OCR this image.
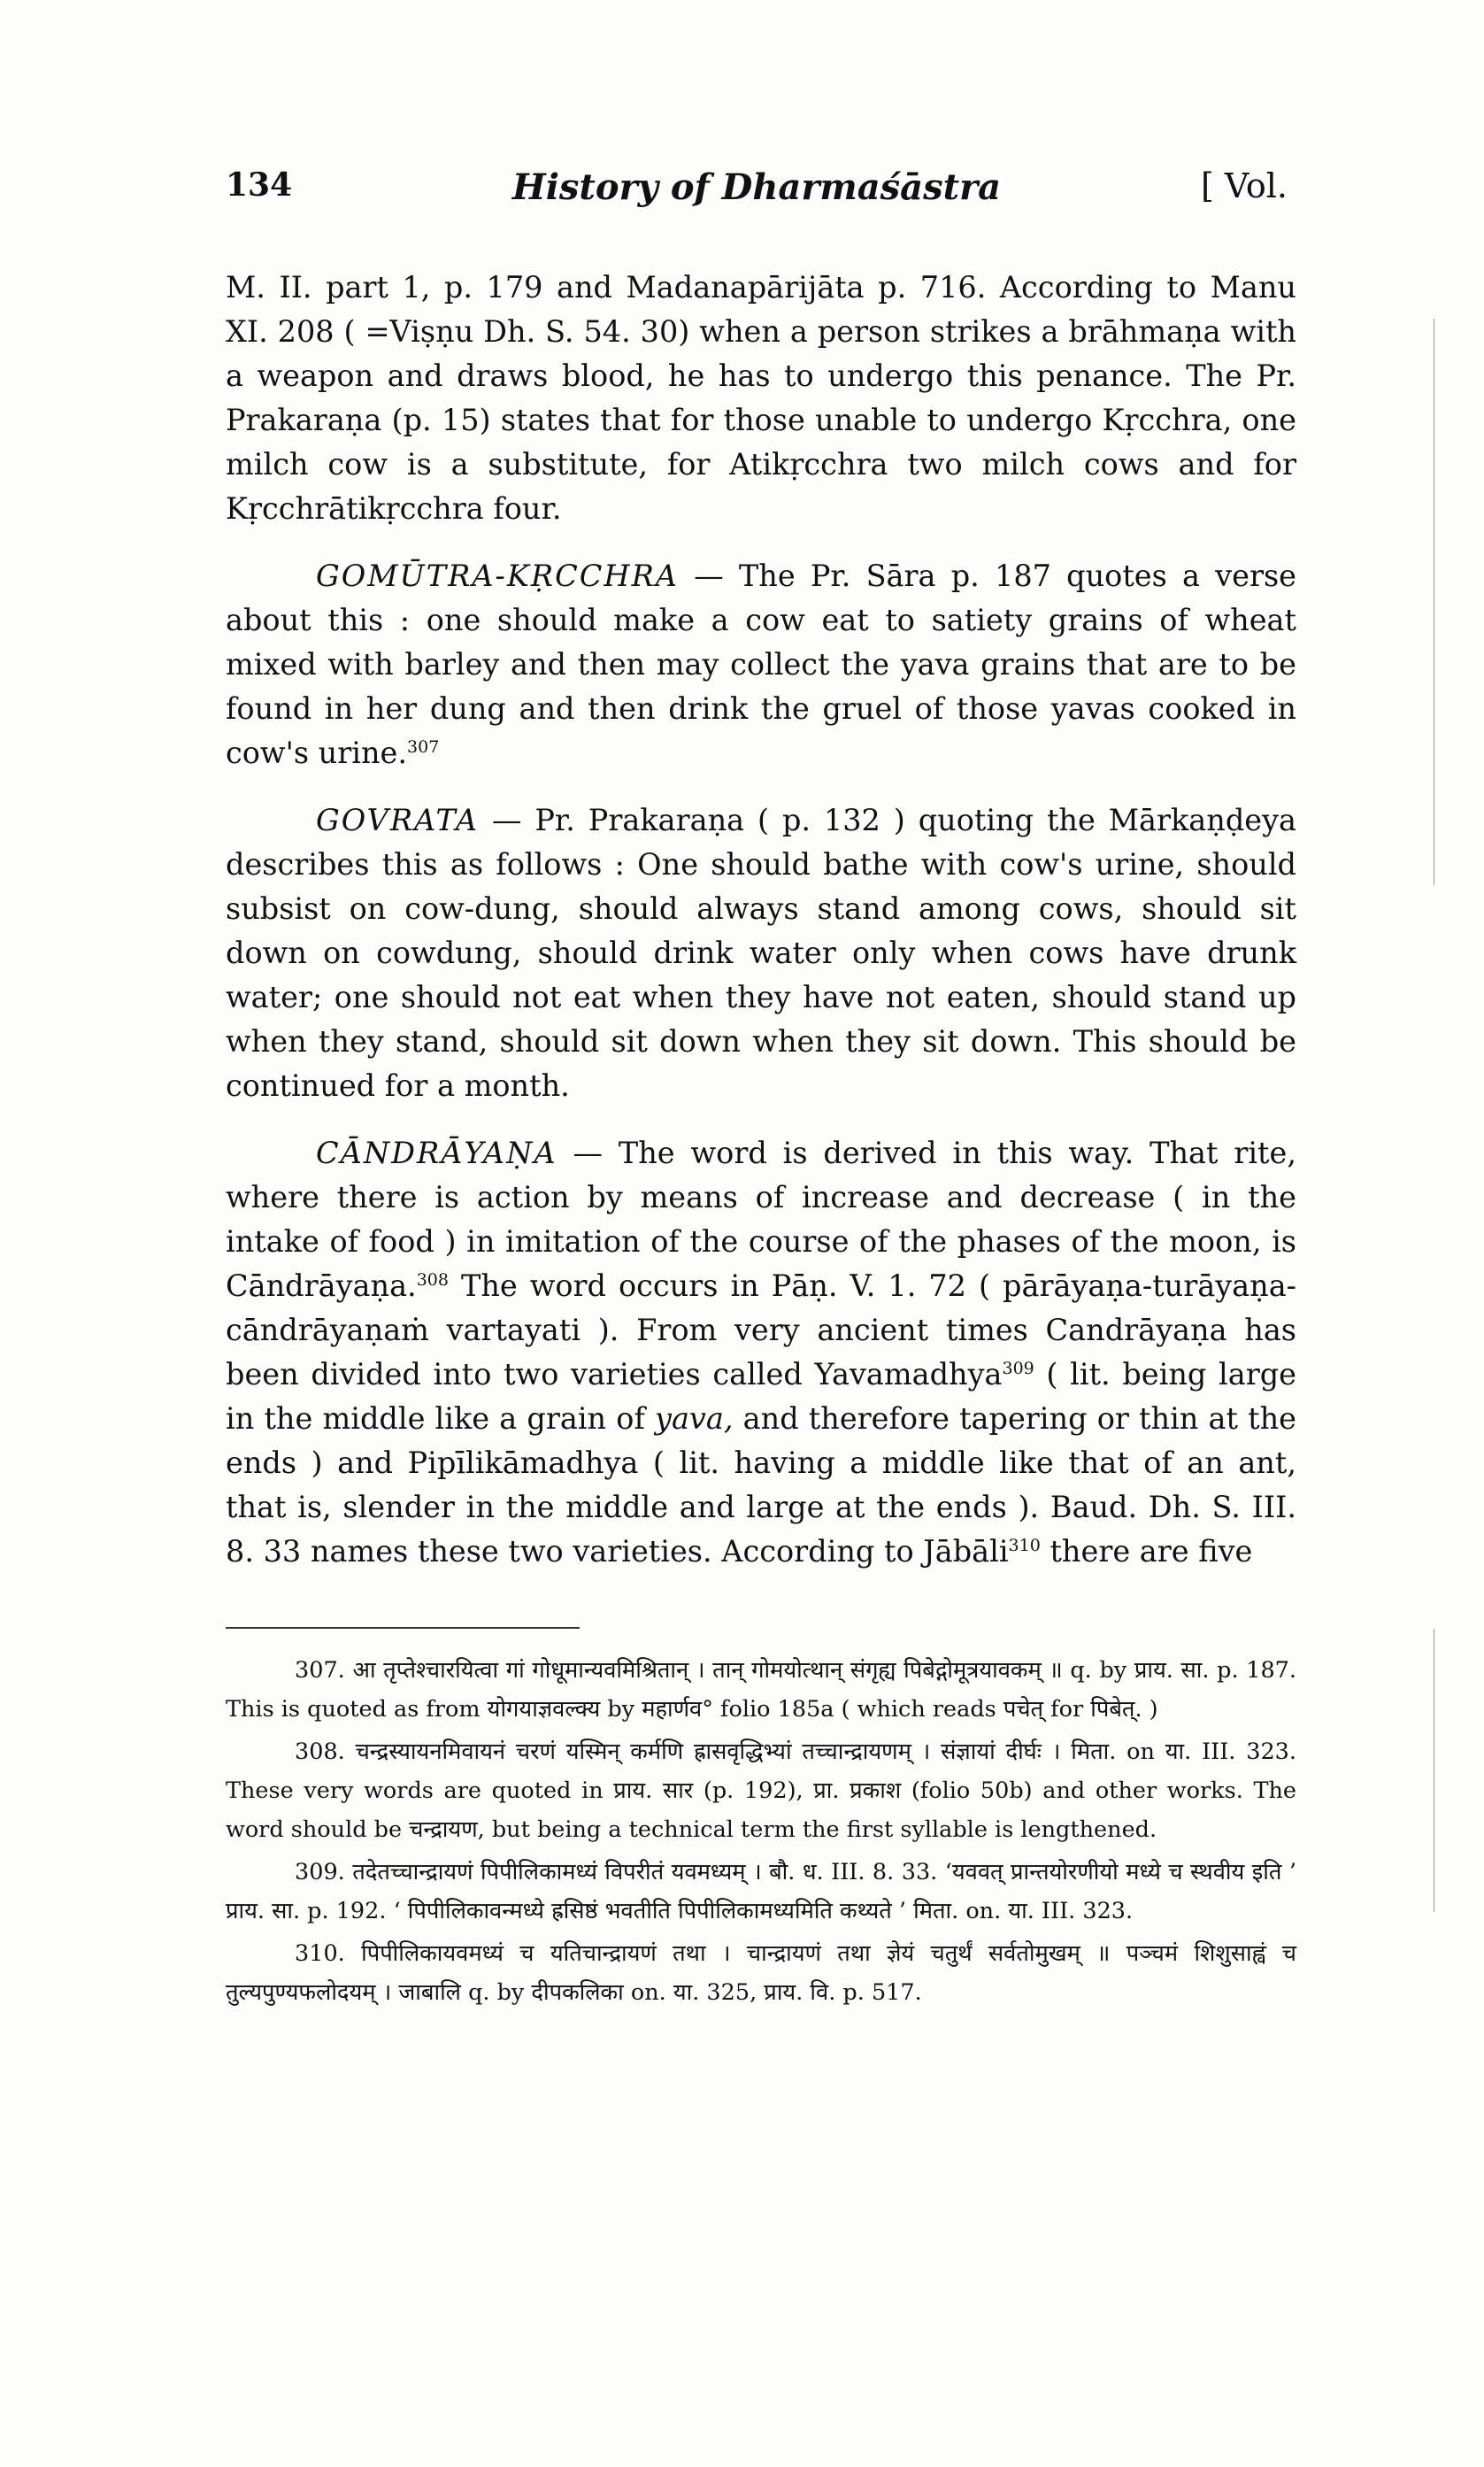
134	History of Dharmaśāstra	[ Vol.

M. II. part 1, p. 179 and Madanapārijāta p. 716. According to Manu XI. 208 ( =Viṣṇu Dh. S. 54. 30) when a person strikes a brāhmaṇa with a weapon and draws blood, he has to undergo this penance. The Pr. Prakaraṇa (p. 15) states that for those unable to undergo Kṛcchra, one milch cow is a substitute, for Atikṛcchra two milch cows and for Kṛcchrātikṛcchra four.

GOMŪTRA-KṚCCHRA — The Pr. Sāra p. 187 quotes a verse about this : one should make a cow eat to satiety grains of wheat mixed with barley and then may collect the yava grains that are to be found in her dung and then drink the gruel of those yavas cooked in cow's urine.$^{307}$

GOVRATA — Pr. Prakaraṇa ( p. 132 ) quoting the Mārkaṇḍeya describes this as follows : One should bathe with cow's urine, should subsist on cow-dung, should always stand among cows, should sit down on cowdung, should drink water only when cows have drunk water; one should not eat when they have not eaten, should stand up when they stand, should sit down when they sit down. This should be continued for a month.

CĀNDRĀYAṆA — The word is derived in this way. That rite, where there is action by means of increase and decrease ( in the intake of food ) in imitation of the course of the phases of the moon, is Cāndrāyaṇa.$^{308}$ The word occurs in Pāṇ. V. 1. 72 ( pārāyaṇa-turāyaṇa-cāndrāyaṇaṁ vartayati ). From very ancient times Candrāyaṇa has been divided into two varieties called Yavamadhya$^{309}$ ( lit. being large in the middle like a grain of yava, and therefore tapering or thin at the ends ) and Pipīlikāmadhya ( lit. having a middle like that of an ant, that is, slender in the middle and large at the ends ). Baud. Dh. S. III. 8. 33 names these two varieties. According to Jābāli$^{310}$ there are five

307. आ तृप्तेश्चारयित्वा गां गोधूमान्यवमिश्रितान् । तान् गोमयोत्थान् संगृह्य पिबेद्गोमूत्रयावकम् ॥ q. by प्राय. सा. p. 187. This is quoted as from योगयाज्ञवल्क्य by महार्णव° folio 185a ( which reads पचेत् for पिबेत्. )

308. चन्द्रस्यायनमिवायनं चरणं यस्मिन् कर्मणि ह्रासवृद्धिभ्यां तच्चान्द्रायणम् । संज्ञायां दीर्घः । मिता. on या. III. 323. These very words are quoted in प्राय. सार (p. 192), प्रा. प्रकाश (folio 50b) and other works. The word should be चन्द्रायण, but being a technical term the first syllable is lengthened.

309. तदेतच्चान्द्रायणं पिपीलिकामध्यं विपरीतं यवमध्यम् । बौ. ध. III. 8. 33. ‘यववत् प्रान्तयोरणीयो मध्ये च स्थवीय इति ’ प्राय. सा. p. 192. ‘ पिपीलिकावन्मध्ये ह्रसिष्ठं भवतीति पिपीलिकामध्यमिति कथ्यते ’ मिता. on. या. III. 323.

310. पिपीलिकायवमध्यं च यतिचान्द्रायणं तथा । चान्द्रायणं तथा ज्ञेयं चतुर्थं सर्वतोमुखम् ॥ पञ्चमं शिशुसाह्वं च तुल्यपुण्यफलोदयम् । जाबालि q. by दीपकलिका on. या. 325, प्राय. वि. p. 517.
